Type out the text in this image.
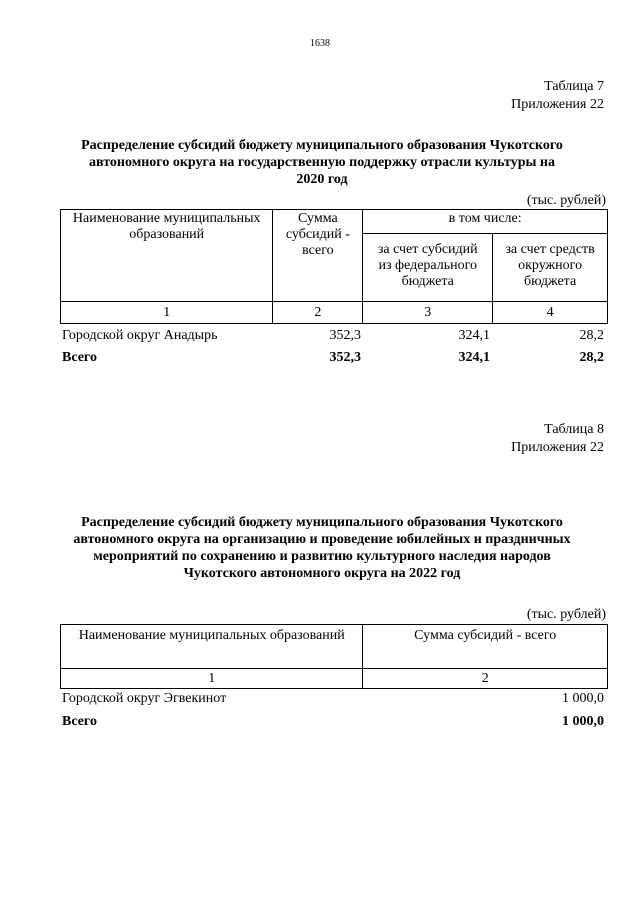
1638
Таблица 7
Приложения 22
Распределение субсидий бюджету муниципального образования Чукотского
автономного округа на государственную поддержку отрасли культуры на
2020 год
(тыс. рублей)
Наименование муниципальных образований	Сумма субсидий - всего	в том числе:	
		за счет субсидий из федерального бюджета	за счет средств окружного бюджета
1	2	3	4
Городской округ Анадырь	352,3	324,1	28,2
Всего	352,3	324,1	28,2
Таблица 8
Приложения 22
Распределение субсидий бюджету муниципального образования Чукотского
автономного округа на организацию и проведение юбилейных и праздничных
мероприятий по сохранению и развитию культурного наследия народов
Чукотского автономного округа на 2022 год
(тыс. рублей)
Наименование муниципальных образований	Сумма субсидий - всего
1	2
Городской округ Эгвекинот	1 000,0
Всего	1 000,0
